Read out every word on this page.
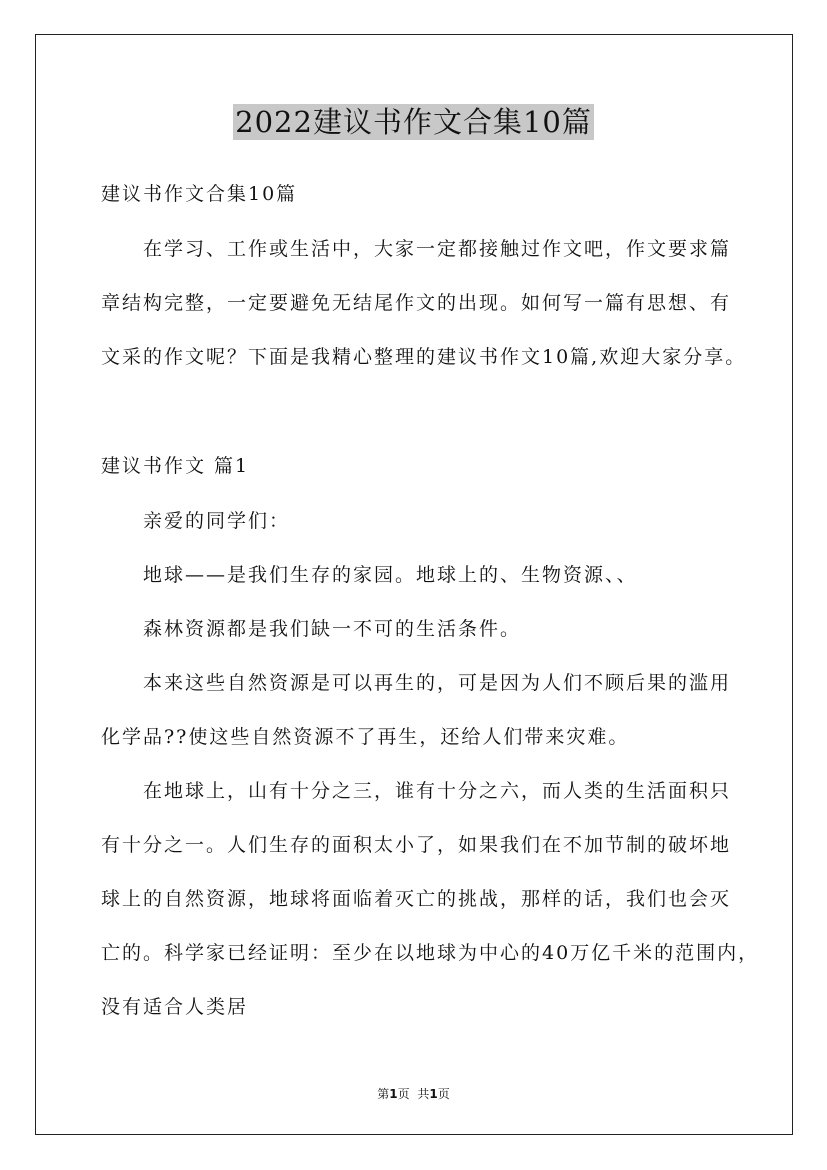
2022建议书作文合集10篇
建议书作文合集10篇
在学习、工作或生活中，大家一定都接触过作文吧，作文要求篇
章结构完整，一定要避免无结尾作文的出现。如何写一篇有思想、有
文采的作文呢？下面是我精心整理的建议书作文10篇,欢迎大家分享。
建议书作文 篇1
亲爱的同学们：
地球——是我们生存的家园。地球上的、生物资源、、
森林资源都是我们缺一不可的生活条件。
本来这些自然资源是可以再生的，可是因为人们不顾后果的滥用
化学品??使这些自然资源不了再生，还给人们带来灾难。
在地球上，山有十分之三，谁有十分之六，而人类的生活面积只
有十分之一。人们生存的面积太小了，如果我们在不加节制的破坏地
球上的自然资源，地球将面临着灭亡的挑战，那样的话，我们也会灭
亡的。科学家已经证明：至少在以地球为中心的40万亿千米的范围内，
没有适合人类居
第1页 共1页
